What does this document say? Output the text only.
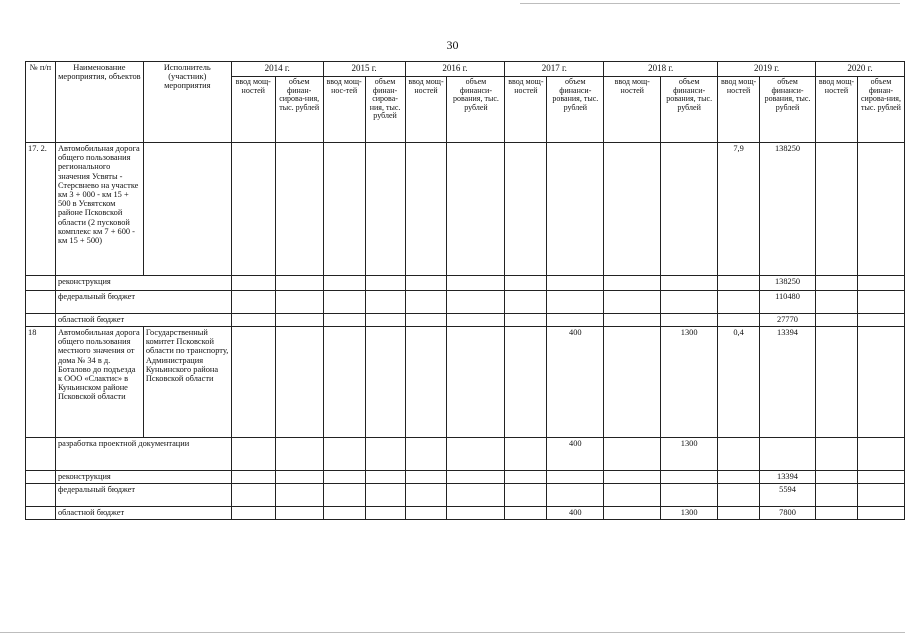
30
№ п/п	Наименование мероприятия, объектов	Исполнитель (участник) мероприятия	2014 г.		2015 г.		2016 г.		2017 г.		2018 г.		2019 г.		2020 г.	
			ввод мощ-ностей	объем финан-сирова-ния, тыс. рублей	ввод мощ-нос-тей	объем финан-сирова-ния, тыс. рублей	ввод мощ-ностей	объем финанси-рования, тыс. рублей	ввод мощ-ностей	объем финанси-рования, тыс. рублей	ввод мощ-ностей	объем финанси-рования, тыс. рублей	ввод мощ-ностей	объем финанси-рования, тыс. рублей	ввод мощ-ностей	объем финан-сирова-ния, тыс. рублей
17. 2.	Автомобильная дорога общего пользования регионального значения Усвяты - Стерсвнево на участке км 3 + 000 - км 15 + 500 в Усвятском районе Псковской области (2 пусковой комплекс км 7 + 600 - км 15 + 500)												7,9	138250		
	реконструкция													138250		
	федеральный бюджет													110480		
	областной бюджет													27770		
18	Автомобильная дорога общего пользования местного значения от дома № 34 в д. Боталово до подъезда к ООО «Слактис» в Куньинском районе Псковской области	Государственный комитет Псковской области по транспорту, Администрация Куньинского района Псковской области								400		1300	0,4	13394		
	разработка проектной документации									400		1300				
	реконструкция													13394		
	федеральный бюджет													5594		
	областной бюджет									400		1300		7800		
